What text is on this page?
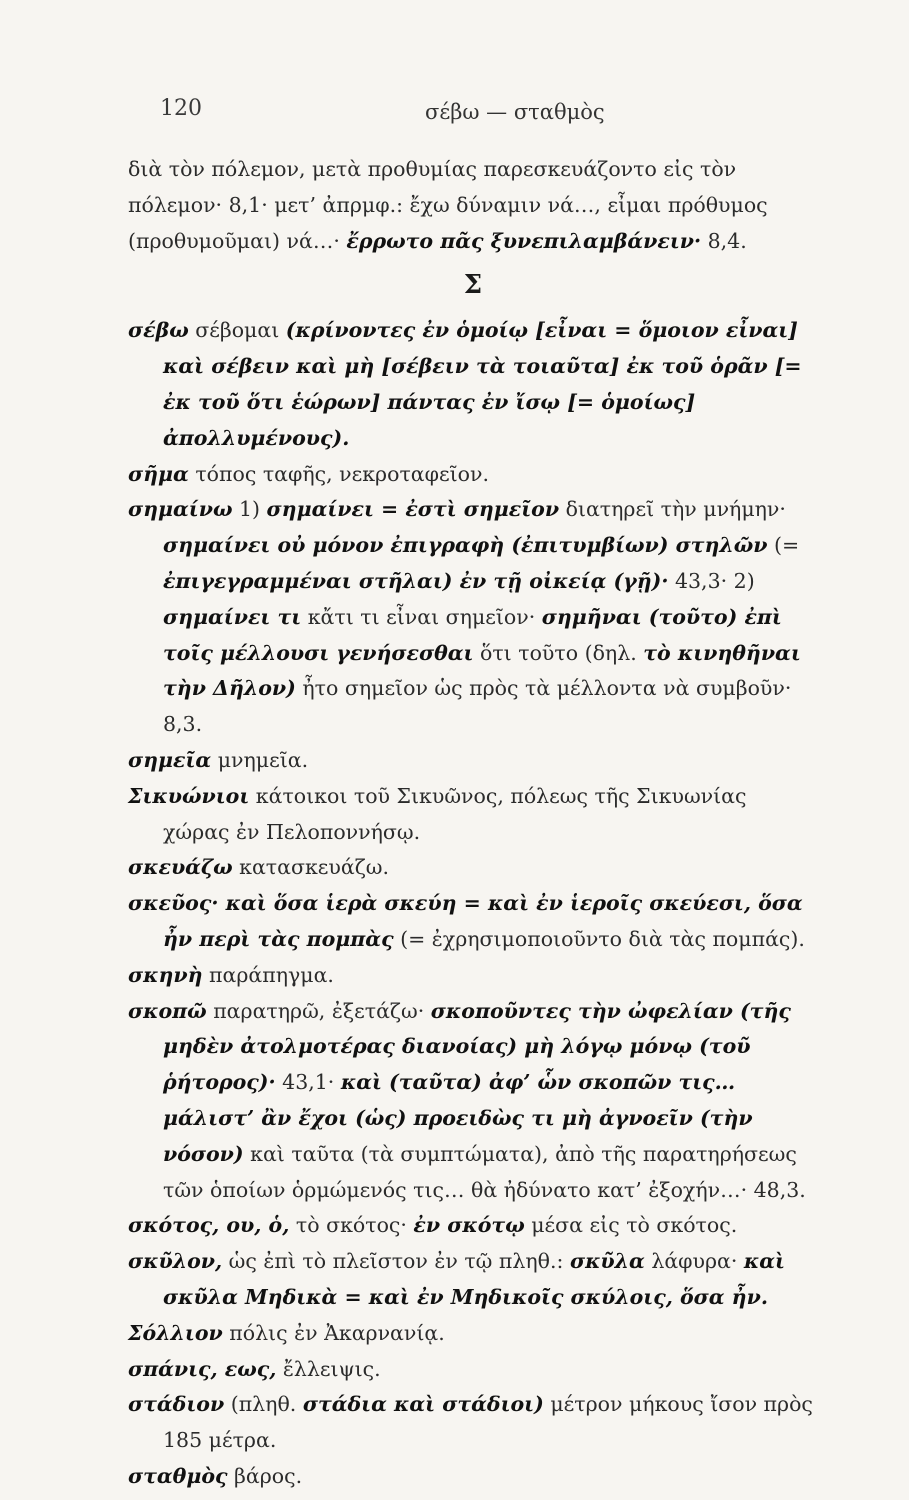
120	σέβω — σταθμὸς

διὰ τὸν πόλεμον, μετὰ προθυμίας παρεσκευάζοντο εἰς τὸν πόλεμον· 8,1· μετ’ ἀπρμφ.: ἔχω δύναμιν νά…, εἶμαι πρόθυμος (προθυμοῦμαι) νά…· ἔρρωτο πᾶς ξυνεπιλαμβάνειν· 8,4.

Σ

σέβω σέβομαι (κρίνοντες ἐν ὁμοίῳ [εἶναι = ὅμοιον εἶναι] καὶ σέβειν καὶ μὴ [σέβειν τὰ τοιαῦτα] ἐκ τοῦ ὁρᾶν [= ἐκ τοῦ ὅτι ἑώρων] πάντας ἐν ἴσῳ [= ὁμοίως] ἀπολλυμένους).

σῆμα τόπος ταφῆς, νεκροταφεῖον.

σημαίνω 1) σημαίνει = ἐστὶ σημεῖον διατηρεῖ τὴν μνήμην· σημαίνει οὐ μόνον ἐπιγραφὴ (ἐπιτυμβίων) στηλῶν (= ἐπιγεγραμμέναι στῆλαι) ἐν τῇ οἰκείᾳ (γῇ)· 43,3· 2) σημαίνει τι κἄτι τι εἶναι σημεῖον· σημῆναι (τοῦτο) ἐπὶ τοῖς μέλλουσι γενήσεσθαι ὅτι τοῦτο (δηλ. τὸ κινηθῆναι τὴν Δῆλον) ἦτο σημεῖον ὡς πρὸς τὰ μέλλοντα νὰ συμβοῦν· 8,3.

σημεῖα μνημεῖα.

Σικυώνιοι κάτοικοι τοῦ Σικυῶνος, πόλεως τῆς Σικυωνίας χώρας ἐν Πελοποννήσῳ.

σκευάζω κατασκευάζω.

σκεῦος· καὶ ὅσα ἱερὰ σκεύη = καὶ ἐν ἱεροῖς σκεύεσι, ὅσα ἦν περὶ τὰς πομπὰς (= ἐχρησιμοποιοῦντο διὰ τὰς πομπάς).

σκηνὴ παράπηγμα.

σκοπῶ παρατηρῶ, ἐξετάζω· σκοποῦντες τὴν ὠφελίαν (τῆς μηδὲν ἀτολμοτέρας διανοίας) μὴ λόγῳ μόνῳ (τοῦ ῥήτορος)· 43,1· καὶ (ταῦτα) ἀφ’ ὧν σκοπῶν τις… μάλιστ’ ἂν ἔχοι (ὡς) προειδὼς τι μὴ ἀγνοεῖν (τὴν νόσον) καὶ ταῦτα (τὰ συμπτώματα), ἀπὸ τῆς παρατηρήσεως τῶν ὁποίων ὁρμώμενός τις… θὰ ἠδύνατο κατ’ ἐξοχήν…· 48,3.

σκότος, ου, ὁ, τὸ σκότος· ἐν σκότῳ μέσα εἰς τὸ σκότος.

σκῦλον, ὡς ἐπὶ τὸ πλεῖστον ἐν τῷ πληθ.: σκῦλα λάφυρα· καὶ σκῦλα Μηδικὰ = καὶ ἐν Μηδικοῖς σκύλοις, ὅσα ἦν.

Σόλλιον πόλις ἐν Ἀκαρνανίᾳ.

σπάνις, εως, ἔλλειψις.

στάδιον (πληθ. στάδια καὶ στάδιοι) μέτρον μήκους ἴσον πρὸς 185 μέτρα.

σταθμὸς βάρος.
